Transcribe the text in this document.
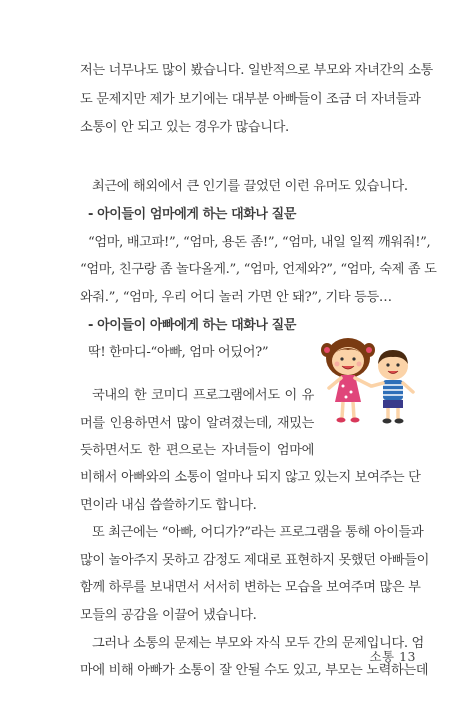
저는 너무나도 많이 봤습니다. 일반적으로 부모와 자녀간의 소통
도 문제지만 제가 보기에는 대부분 아빠들이 조금 더 자녀들과
소통이 안 되고 있는 경우가 많습니다.
최근에 해외에서 큰 인기를 끌었던 이런 유머도 있습니다.
- 아이들이 엄마에게 하는 대화나 질문
“엄마, 배고파!”, “엄마, 용돈 좀!”, “엄마, 내일 일찍 깨워줘!”,
“엄마, 친구랑 좀 놀다올게.”, “엄마, 언제와?”, “엄마, 숙제 좀 도
와줘.”, “엄마, 우리 어디 놀러 가면 안 돼?”, 기타 등등…
- 아이들이 아빠에게 하는 대화나 질문
딱! 한마디-“아빠, 엄마 어딨어?”
국내의 한 코미디 프로그램에서도 이 유
머를 인용하면서 많이 알려졌는데, 재밌는
듯하면서도 한 편으로는 자녀들이 엄마에
비해서 아빠와의 소통이 얼마나 되지 않고 있는지 보여주는 단
면이라 내심 씁쓸하기도 합니다.
또 최근에는 “아빠, 어디가?”라는 프로그램을 통해 아이들과
많이 놀아주지 못하고 감정도 제대로 표현하지 못했던 아빠들이
함께 하루를 보내면서 서서히 변하는 모습을 보여주며 많은 부
모들의 공감을 이끌어 냈습니다.
그러나 소통의 문제는 부모와 자식 모두 간의 문제입니다. 엄
마에 비해 아빠가 소통이 잘 안될 수도 있고, 부모는 노력하는데
소통 13
